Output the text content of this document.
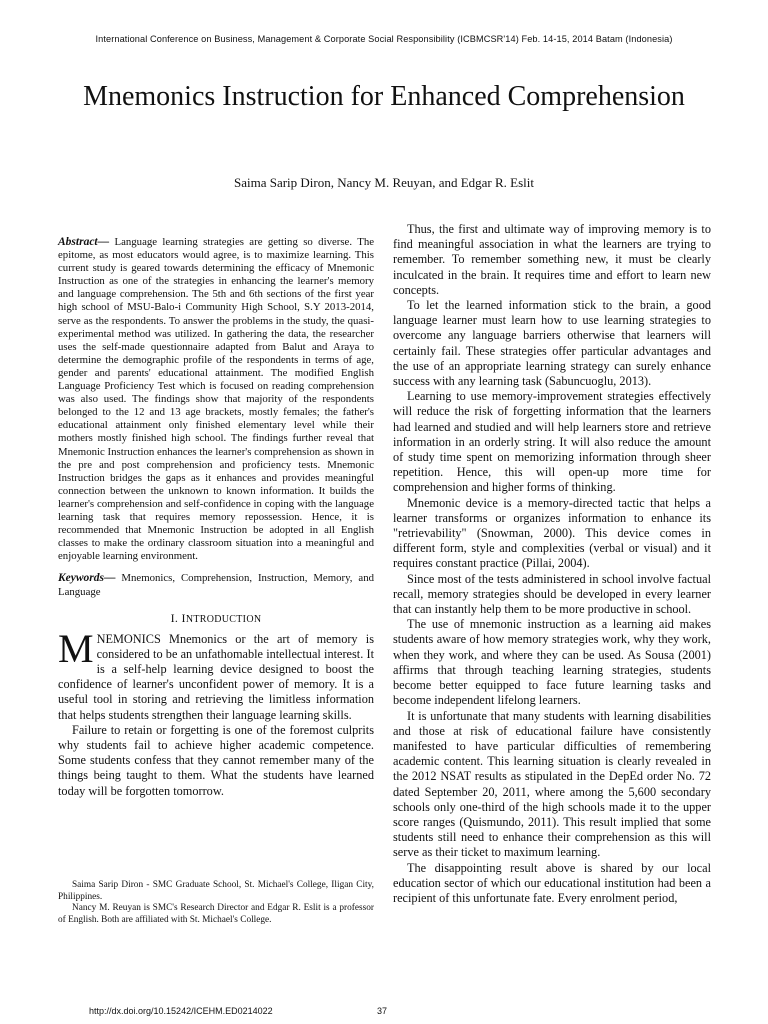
International Conference on Business, Management & Corporate Social Responsibility (ICBMCSR'14) Feb. 14-15, 2014 Batam (Indonesia)
Mnemonics Instruction for Enhanced Comprehension
Saima Sarip Diron, Nancy M. Reuyan, and Edgar R. Eslit
Abstract— Language learning strategies are getting so diverse. The epitome, as most educators would agree, is to maximize learning. This current study is geared towards determining the efficacy of Mnemonic Instruction as one of the strategies in enhancing the learner's memory and language comprehension. The 5th and 6th sections of the first year high school of MSU-Balo-i Community High School, S.Y 2013-2014, serve as the respondents. To answer the problems in the study, the quasi-experimental method was utilized. In gathering the data, the researcher uses the self-made questionnaire adapted from Balut and Araya to determine the demographic profile of the respondents in terms of age, gender and parents' educational attainment. The modified English Language Proficiency Test which is focused on reading comprehension was also used. The findings show that majority of the respondents belonged to the 12 and 13 age brackets, mostly females; the father's educational attainment only finished elementary level while their mothers mostly finished high school. The findings further reveal that Mnemonic Instruction enhances the learner's comprehension as shown in the pre and post comprehension and proficiency tests. Mnemonic Instruction bridges the gaps as it enhances and provides meaningful connection between the unknown to known information. It builds the learner's comprehension and self-confidence in coping with the language learning task that requires memory repossession. Hence, it is recommended that Mnemonic Instruction be adopted in all English classes to make the ordinary classroom situation into a meaningful and enjoyable learning environment.
Keywords— Mnemonics, Comprehension, Instruction, Memory, and Language
I. INTRODUCTION

MNEMONICS Mnemonics or the art of memory is considered to be an unfathomable intellectual interest. It is a self-help learning device designed to boost the confidence of learner's unconfident power of memory. It is a useful tool in storing and retrieving the limitless information that helps students strengthen their language learning skills.

Failure to retain or forgetting is one of the foremost culprits why students fail to achieve higher academic competence. Some students confess that they cannot remember many of the things being taught to them. What the students have learned today will be forgotten tomorrow.

Saima Sarip Diron - SMC Graduate School, St. Michael's College, Iligan City, Philippines.

Nancy M. Reuyan is SMC's Research Director and Edgar R. Eslit is a professor of English. Both are affiliated with St. Michael's College.

Thus, the first and ultimate way of improving memory is to find meaningful association in what the learners are trying to remember. To remember something new, it must be clearly inculcated in the brain. It requires time and effort to learn new concepts.

To let the learned information stick to the brain, a good language learner must learn how to use learning strategies to overcome any language barriers otherwise that learners will certainly fail. These strategies offer particular advantages and the use of an appropriate learning strategy can surely enhance success with any learning task (Sabuncuoglu, 2013).

Learning to use memory-improvement strategies effectively will reduce the risk of forgetting information that the learners had learned and studied and will help learners store and retrieve information in an orderly string. It will also reduce the amount of study time spent on memorizing information through sheer repetition. Hence, this will open-up more time for comprehension and higher forms of thinking.

Mnemonic device is a memory-directed tactic that helps a learner transforms or organizes information to enhance its "retrievability" (Snowman, 2000). This device comes in different form, style and complexities (verbal or visual) and it requires constant practice (Pillai, 2004).

Since most of the tests administered in school involve factual recall, memory strategies should be developed in every learner that can instantly help them to be more productive in school.

The use of mnemonic instruction as a learning aid makes students aware of how memory strategies work, why they work, when they work, and where they can be used. As Sousa (2001) affirms that through teaching learning strategies, students become better equipped to face future learning tasks and become independent lifelong learners.

It is unfortunate that many students with learning disabilities and those at risk of educational failure have consistently manifested to have particular difficulties of remembering academic content. This learning situation is clearly revealed in the 2012 NSAT results as stipulated in the DepEd order No. 72 dated September 20, 2011, where among the 5,600 secondary schools only one-third of the high schools made it to the upper score ranges (Quismundo, 2011). This result implied that some students still need to enhance their comprehension as this will serve as their ticket to maximum learning.

The disappointing result above is shared by our local education sector of which our educational institution had been a recipient of this unfortunate fate. Every enrolment period,

http://dx.doi.org/10.15242/ICEHM.ED0214022	37
